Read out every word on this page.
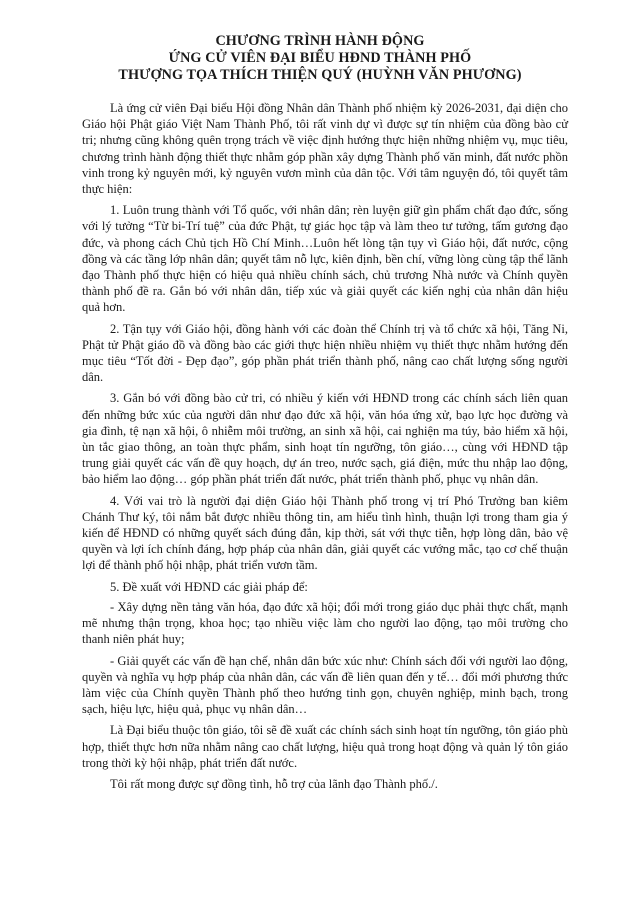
CHƯƠNG TRÌNH HÀNH ĐỘNG
ỨNG CỬ VIÊN ĐẠI BIỂU HĐND THÀNH PHỐ
THƯỢNG TỌA THÍCH THIỆN QUÝ (HUỲNH VĂN PHƯƠNG)

Là ứng cử viên Đại biểu Hội đồng Nhân dân Thành phố nhiệm kỳ 2026-2031, đại diện cho Giáo hội Phật giáo Việt Nam Thành Phố, tôi rất vinh dự vì được sự tín nhiệm của đồng bào cử tri; nhưng cũng không quên trọng trách về việc định hướng thực hiện những nhiệm vụ, mục tiêu, chương trình hành động thiết thực nhằm góp phần xây dựng Thành phố văn minh, đất nước phồn vinh trong kỷ nguyên mới, kỷ nguyên vươn mình của dân tộc. Với tâm nguyện đó, tôi quyết tâm thực hiện:

1. Luôn trung thành với Tổ quốc, với nhân dân; rèn luyện giữ gìn phẩm chất đạo đức, sống với lý tưởng “Từ bi-Trí tuệ” của đức Phật, tự giác học tập và làm theo tư tưởng, tấm gương đạo đức, và phong cách Chủ tịch Hồ Chí Minh…Luôn hết lòng tận tụy vì Giáo hội, đất nước, cộng đồng và các tầng lớp nhân dân; quyết tâm nỗ lực, kiên định, bền chí, vững lòng cùng tập thể lãnh đạo Thành phố thực hiện có hiệu quả nhiều chính sách, chủ trương Nhà nước và Chính quyền thành phố đề ra. Gắn bó với nhân dân, tiếp xúc và giải quyết các kiến nghị của nhân dân hiệu quả hơn.

2. Tận tụy với Giáo hội, đồng hành với các đoàn thể Chính trị và tổ chức xã hội, Tăng Ni, Phật tử Phật giáo đồ và đồng bào các giới thực hiện nhiều nhiệm vụ thiết thực nhằm hướng đến mục tiêu “Tốt đời - Đẹp đạo”, góp phần phát triển thành phố, nâng cao chất lượng sống người dân.

3. Gắn bó với đồng bào cử tri, có nhiều ý kiến với HĐND trong các chính sách liên quan đến những bức xúc của người dân như đạo đức xã hội, văn hóa ứng xử, bạo lực học đường và gia đình, tệ nạn xã hội, ô nhiễm môi trường, an sinh xã hội, cai nghiện ma túy, bảo hiểm xã hội, ùn tắc giao thông, an toàn thực phẩm, sinh hoạt tín ngưỡng, tôn giáo…, cùng với HĐND tập trung giải quyết các vấn đề quy hoạch, dự án treo, nước sạch, giá điện, mức thu nhập lao động, bảo hiểm lao động… góp phần phát triển đất nước, phát triển thành phố, phục vụ nhân dân.

4. Với vai trò là người đại diện Giáo hội Thành phố trong vị trí Phó Trưởng ban kiêm Chánh Thư ký, tôi nắm bắt được nhiều thông tin, am hiểu tình hình, thuận lợi trong tham gia ý kiến để HĐND có những quyết sách đúng đắn, kịp thời, sát với thực tiễn, hợp lòng dân, bảo vệ quyền và lợi ích chính đáng, hợp pháp của nhân dân, giải quyết các vướng mắc, tạo cơ chế thuận lợi để thành phố hội nhập, phát triển vươn tầm.

5. Đề xuất với HĐND các giải pháp để:

- Xây dựng nền tảng văn hóa, đạo đức xã hội; đổi mới trong giáo dục phải thực chất, mạnh mẽ nhưng thận trọng, khoa học; tạo nhiều việc làm cho người lao động, tạo môi trường cho thanh niên phát huy;

- Giải quyết các vấn đề hạn chế, nhân dân bức xúc như: Chính sách đối với người lao động, quyền và nghĩa vụ hợp pháp của nhân dân, các vấn đề liên quan đến y tế… đổi mới phương thức làm việc của Chính quyền Thành phố theo hướng tinh gọn, chuyên nghiệp, minh bạch, trong sạch, hiệu lực, hiệu quả, phục vụ nhân dân…

Là Đại biểu thuộc tôn giáo, tôi sẽ đề xuất các chính sách sinh hoạt tín ngưỡng, tôn giáo phù hợp, thiết thực hơn nữa nhằm nâng cao chất lượng, hiệu quả trong hoạt động và quản lý tôn giáo trong thời kỳ hội nhập, phát triển đất nước.

Tôi rất mong được sự đồng tình, hỗ trợ của lãnh đạo Thành phố./.
